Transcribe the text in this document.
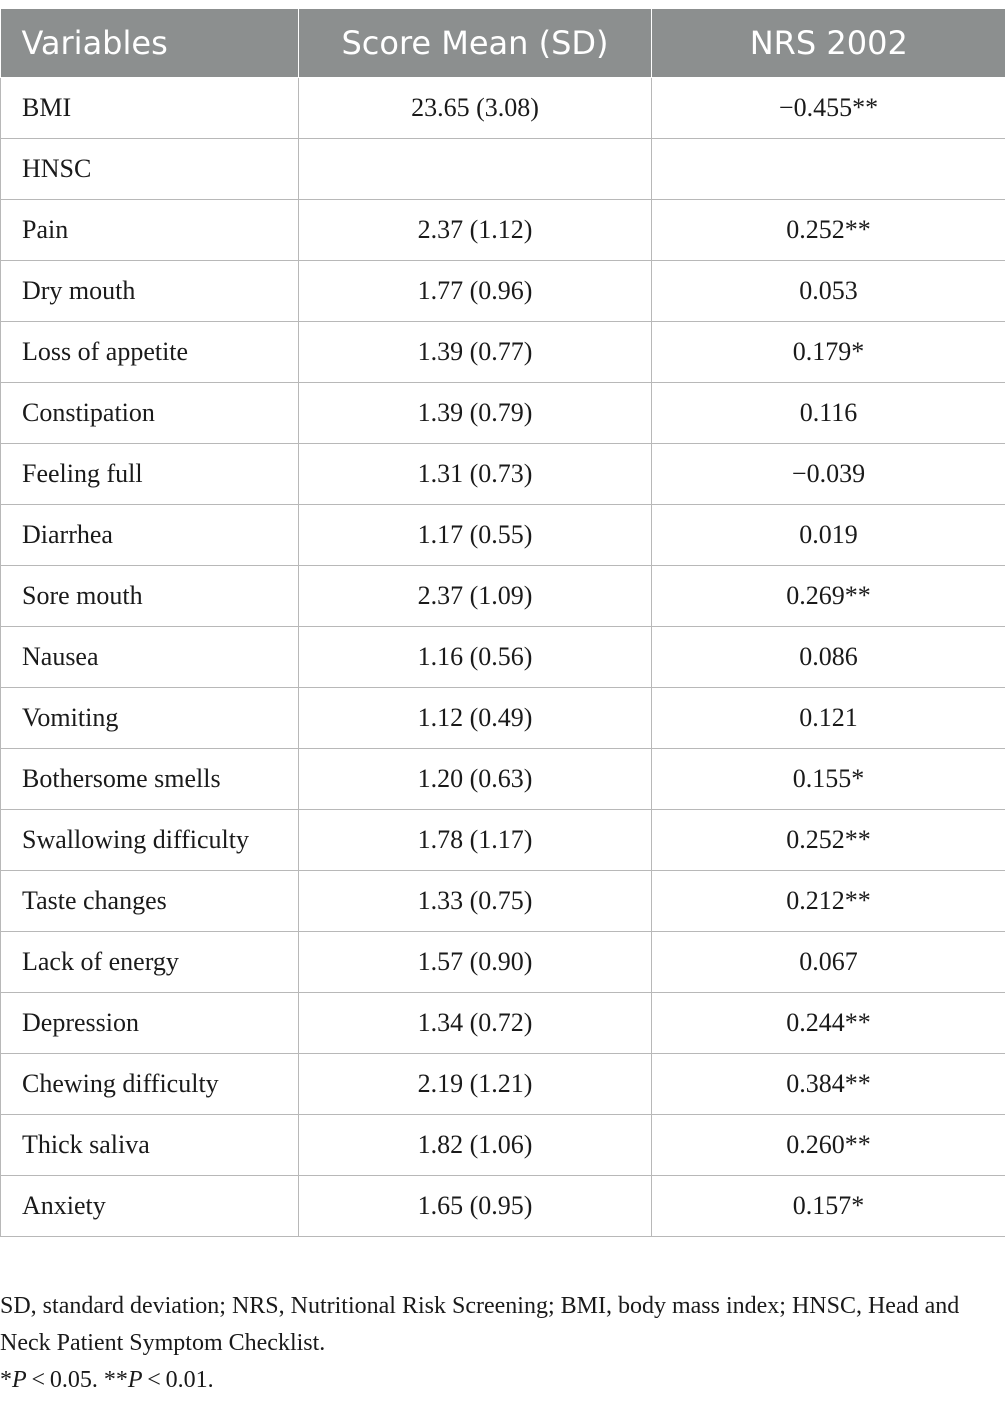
Variables	Score Mean (SD)	NRS 2002
BMI	23.65 (3.08)	−0.455**
HNSC		
Pain	2.37 (1.12)	0.252**
Dry mouth	1.77 (0.96)	0.053
Loss of appetite	1.39 (0.77)	0.179*
Constipation	1.39 (0.79)	0.116
Feeling full	1.31 (0.73)	−0.039
Diarrhea	1.17 (0.55)	0.019
Sore mouth	2.37 (1.09)	0.269**
Nausea	1.16 (0.56)	0.086
Vomiting	1.12 (0.49)	0.121
Bothersome smells	1.20 (0.63)	0.155*
Swallowing difficulty	1.78 (1.17)	0.252**
Taste changes	1.33 (0.75)	0.212**
Lack of energy	1.57 (0.90)	0.067
Depression	1.34 (0.72)	0.244**
Chewing difficulty	2.19 (1.21)	0.384**
Thick saliva	1.82 (1.06)	0.260**
Anxiety	1.65 (0.95)	0.157*

SD, standard deviation; NRS, Nutritional Risk Screening; BMI, body mass index; HNSC, Head and Neck Patient Symptom Checklist.

*P < 0.05. **P < 0.01.
